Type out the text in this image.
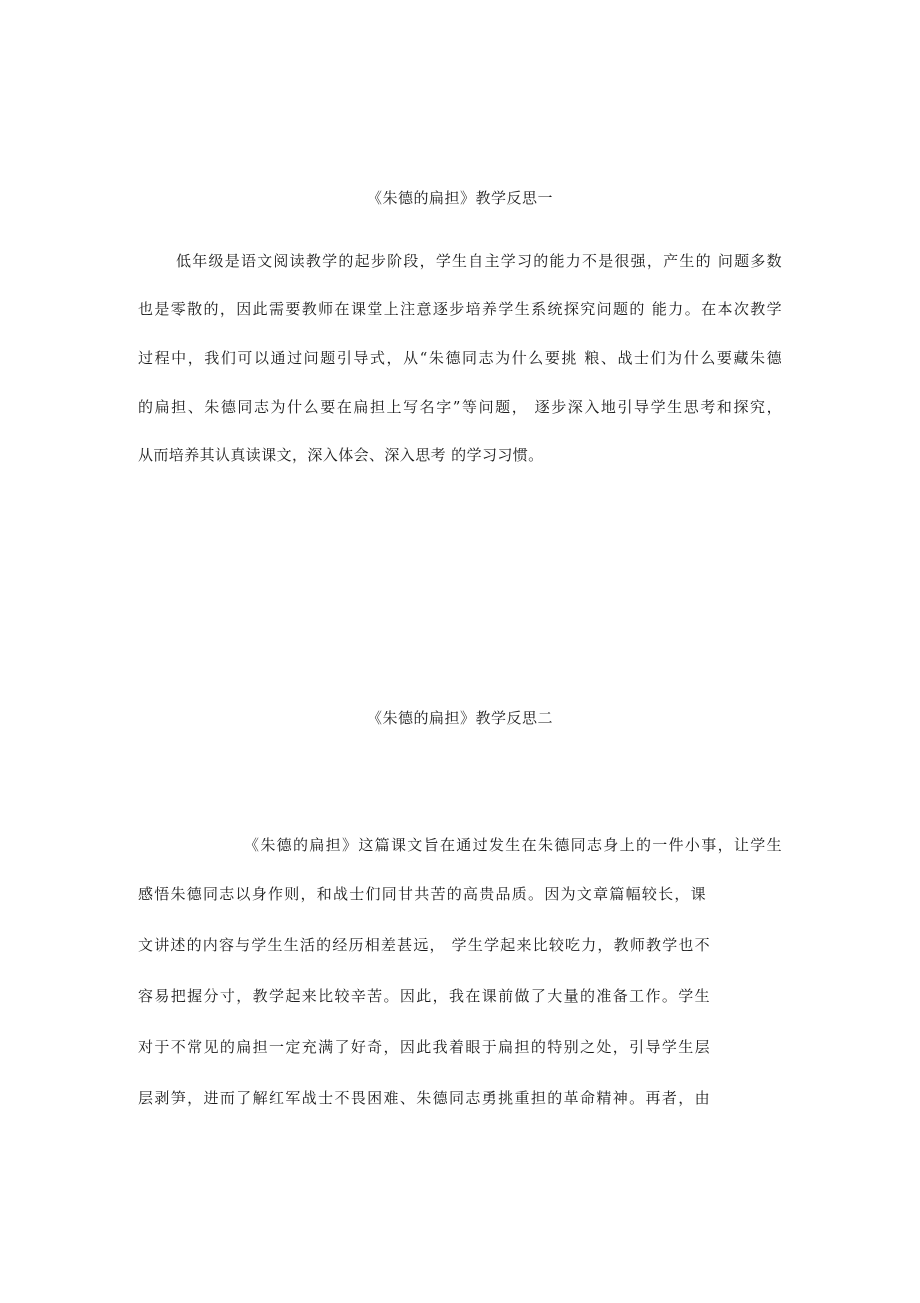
《朱德的扁担》教学反思一
低年级是语文阅读教学的起步阶段，学生自主学习的能力不是很强，产生的 问题多数
也是零散的，因此需要教师在课堂上注意逐步培养学生系统探究问题的 能力。在本次教学
过程中，我们可以通过问题引导式，从“朱德同志为什么要挑 粮、战士们为什么要藏朱德
的扁担、朱德同志为什么要在扁担上写名字”等问题， 逐步深入地引导学生思考和探究，
从而培养其认真读课文，深入体会、深入思考 的学习习惯。
《朱德的扁担》教学反思二
《朱德的扁担》这篇课文旨在通过发生在朱德同志身上的一件小事，让学生
感悟朱德同志以身作则，和战士们同甘共苦的高贵品质。因为文章篇幅较长，课
文讲述的内容与学生生活的经历相差甚远， 学生学起来比较吃力，教师教学也不
容易把握分寸，教学起来比较辛苦。因此，我在课前做了大量的准备工作。学生
对于不常见的扁担一定充满了好奇，因此我着眼于扁担的特别之处，引导学生层
层剥笋，进而了解红军战士不畏困难、朱德同志勇挑重担的革命精神。再者，由
